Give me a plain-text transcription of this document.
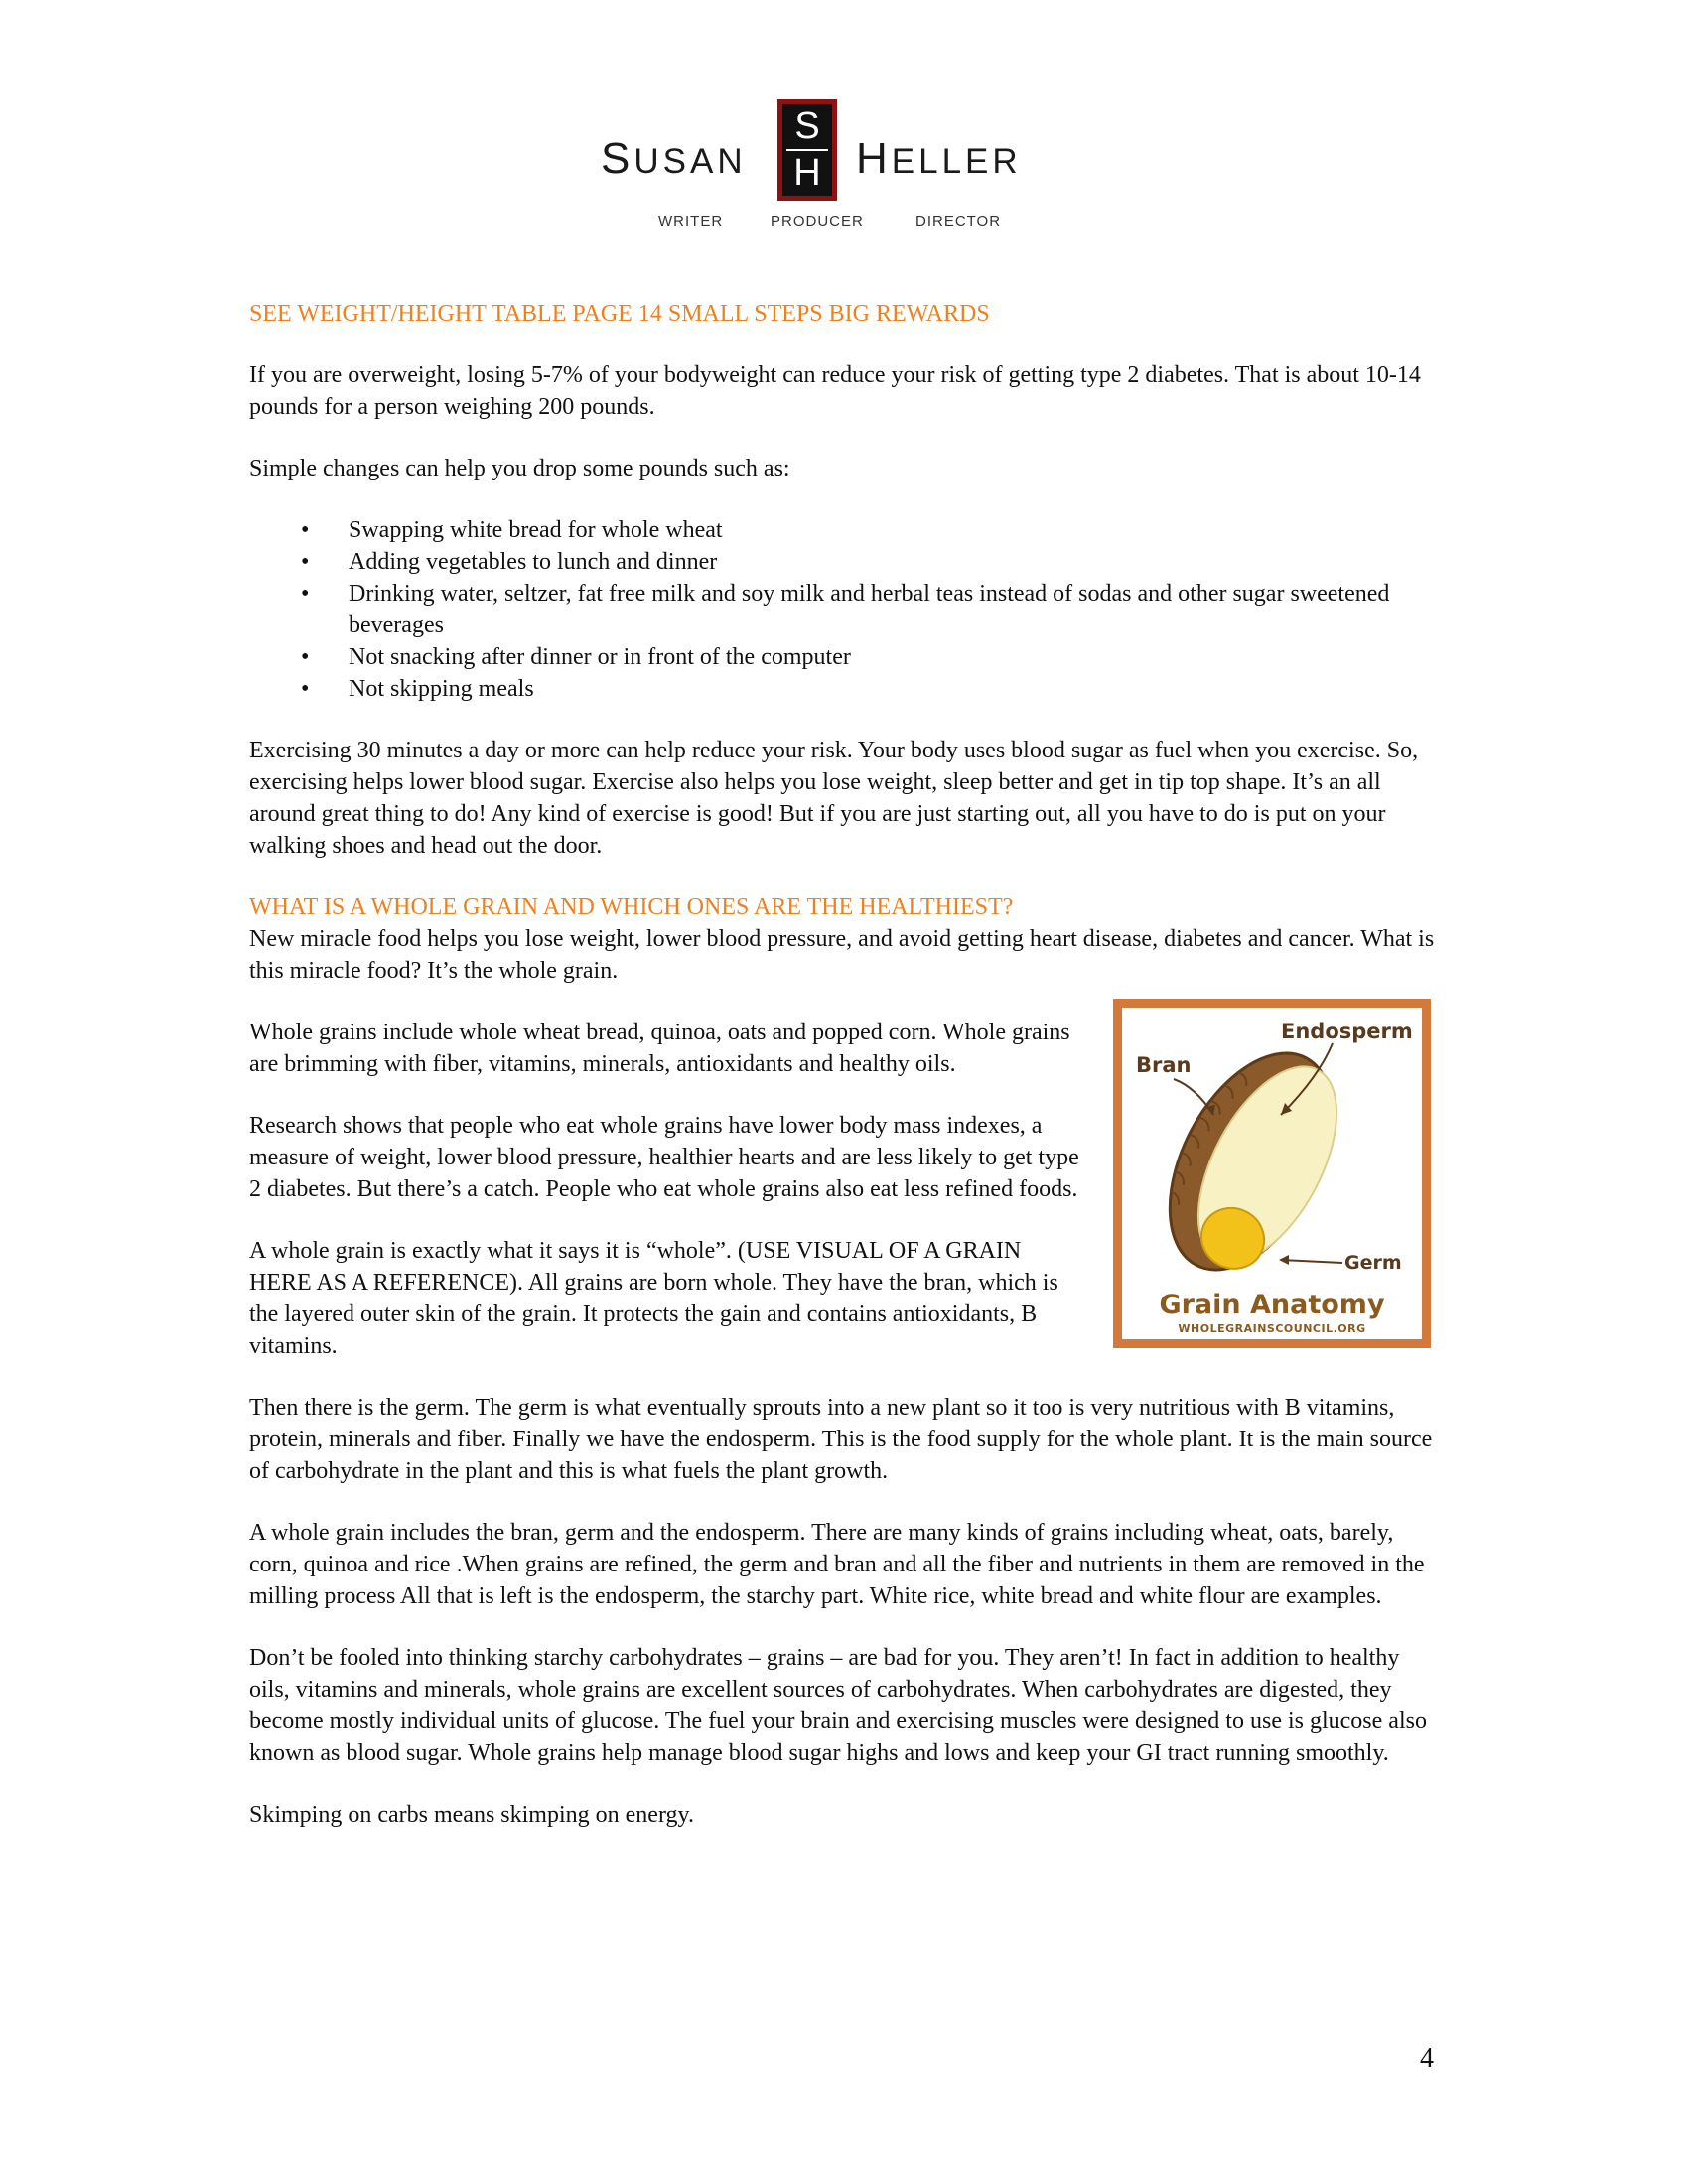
SUSAN
S
H HELLER
WRITER	PRODUCER	DIRECTOR

SEE WEIGHT/HEIGHT TABLE PAGE 14 SMALL STEPS BIG REWARDS

If you are overweight, losing 5-7% of your bodyweight can reduce your risk of getting type 2 diabetes. That is about 10-14 pounds for a person weighing 200 pounds.

Simple changes can help you drop some pounds such as:

• Swapping white bread for whole wheat
• Adding vegetables to lunch and dinner
• Drinking water, seltzer, fat free milk and soy milk and herbal teas instead of sodas and other sugar sweetened beverages
• Not snacking after dinner or in front of the computer
• Not skipping meals

Exercising 30 minutes a day or more can help reduce your risk. Your body uses blood sugar as fuel when you exercise. So, exercising helps lower blood sugar. Exercise also helps you lose weight, sleep better and get in tip top shape. It’s an all around great thing to do! Any kind of exercise is good! But if you are just starting out, all you have to do is put on your walking shoes and head out the door.

WHAT IS A WHOLE GRAIN AND WHICH ONES ARE THE HEALTHIEST?

New miracle food helps you lose weight, lower blood pressure, and avoid getting heart disease, diabetes and cancer. What is this miracle food? It’s the whole grain.

Endosperm
Bran
Germ
Grain Anatomy
WHOLEGRAINSCOUNCIL.ORG

Whole grains include whole wheat bread, quinoa, oats and popped corn. Whole grains are brimming with fiber, vitamins, minerals, antioxidants and healthy oils.

Research shows that people who eat whole grains have lower body mass indexes, a measure of weight, lower blood pressure, healthier hearts and are less likely to get type 2 diabetes. But there’s a catch. People who eat whole grains also eat less refined foods.

A whole grain is exactly what it says it is “whole”. (USE VISUAL OF A GRAIN HERE AS A REFERENCE). All grains are born whole. They have the bran, which is the layered outer skin of the grain. It protects the gain and contains antioxidants, B vitamins.

Then there is the germ. The germ is what eventually sprouts into a new plant so it too is very nutritious with B vitamins, protein, minerals and fiber. Finally we have the endosperm. This is the food supply for the whole plant. It is the main source of carbohydrate in the plant and this is what fuels the plant growth.

A whole grain includes the bran, germ and the endosperm. There are many kinds of grains including wheat, oats, barely, corn, quinoa and rice .When grains are refined, the germ and bran and all the fiber and nutrients in them are removed in the milling process All that is left is the endosperm, the starchy part. White rice, white bread and white flour are examples.

Don’t be fooled into thinking starchy carbohydrates – grains – are bad for you. They aren’t! In fact in addition to healthy oils, vitamins and minerals, whole grains are excellent sources of carbohydrates. When carbohydrates are digested, they become mostly individual units of glucose. The fuel your brain and exercising muscles were designed to use is glucose also known as blood sugar. Whole grains help manage blood sugar highs and lows and keep your GI tract running smoothly.

Skimping on carbs means skimping on energy.

4
